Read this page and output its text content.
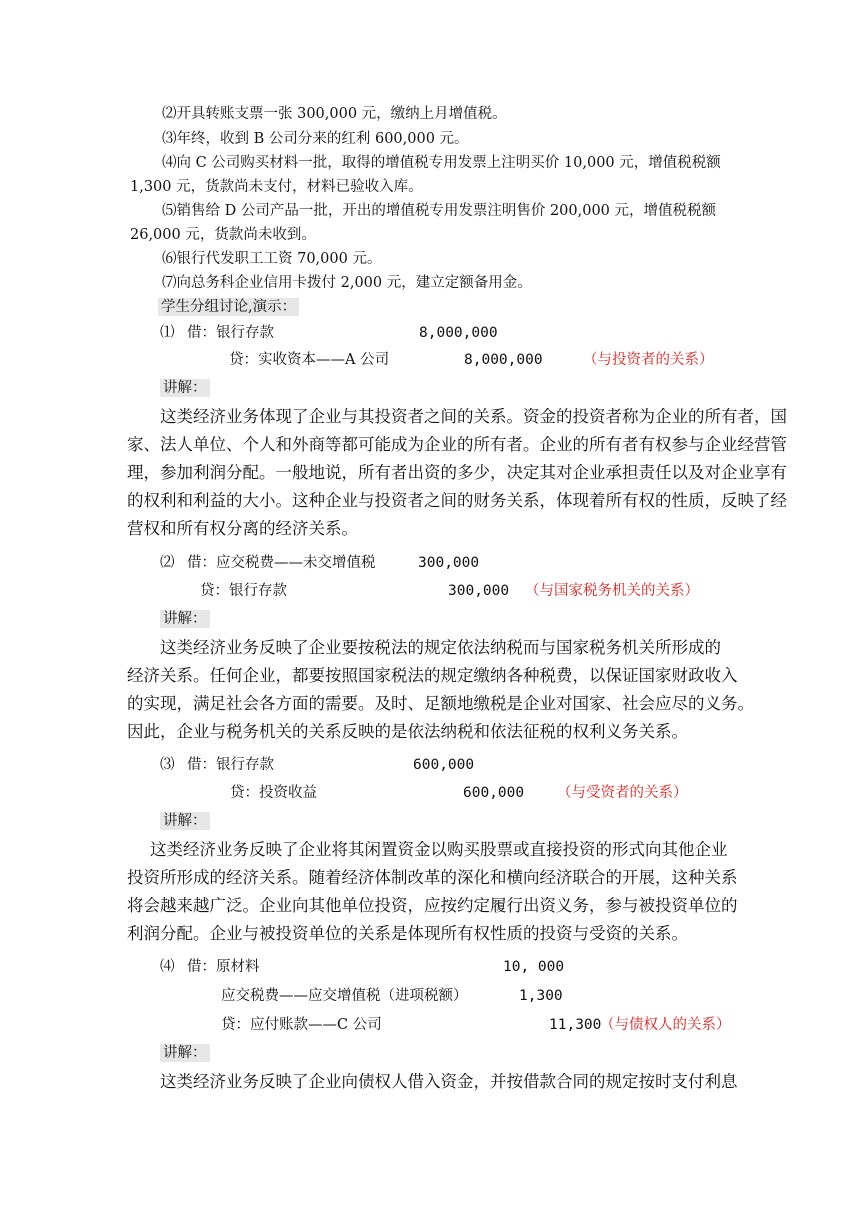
⑵开具转账支票一张 300,000 元，缴纳上月增值税。
⑶年终，收到 B 公司分来的红利 600,000 元。
⑷向 C 公司购买材料一批，取得的增值税专用发票上注明买价 10,000 元，增值税税额
1,300 元，货款尚未支付，材料已验收入库。
⑸销售给 D 公司产品一批，开出的增值税专用发票注明售价 200,000 元，增值税税额
26,000 元，货款尚未收到。
⑹银行代发职工工资 70,000 元。
⑺向总务科企业信用卡拨付 2,000 元，建立定额备用金。
学生分组讨论,演示：
⑴ 借：银行存款	8,000,000
贷：实收资本——A 公司	8,000,000	（与投资者的关系）
讲解：
这类经济业务体现了企业与其投资者之间的关系。资金的投资者称为企业的所有者，国
家、法人单位、个人和外商等都可能成为企业的所有者。企业的所有者有权参与企业经营管
理，参加利润分配。一般地说，所有者出资的多少，决定其对企业承担责任以及对企业享有
的权利和利益的大小。这种企业与投资者之间的财务关系，体现着所有权的性质，反映了经
营权和所有权分离的经济关系。
⑵ 借：应交税费——未交增值税	300,000
贷：银行存款	300,000 （与国家税务机关的关系）
讲解：
这类经济业务反映了企业要按税法的规定依法纳税而与国家税务机关所形成的
经济关系。任何企业，都要按照国家税法的规定缴纳各种税费，以保证国家财政收入
的实现，满足社会各方面的需要。及时、足额地缴税是企业对国家、社会应尽的义务。
因此，企业与税务机关的关系反映的是依法纳税和依法征税的权利义务关系。
⑶ 借：银行存款	600,000
贷：投资收益	600,000 （与受资者的关系）
讲解：
这类经济业务反映了企业将其闲置资金以购买股票或直接投资的形式向其他企业
投资所形成的经济关系。随着经济体制改革的深化和横向经济联合的开展，这种关系
将会越来越广泛。企业向其他单位投资，应按约定履行出资义务，参与被投资单位的
利润分配。企业与被投资单位的关系是体现所有权性质的投资与受资的关系。
⑷ 借：原材料	10, 000
应交税费——应交增值税（进项税额）	1,300
贷：应付账款——C 公司	11,300
（与债权人的关系）
讲解：
这类经济业务反映了企业向债权人借入资金，并按借款合同的规定按时支付利息
